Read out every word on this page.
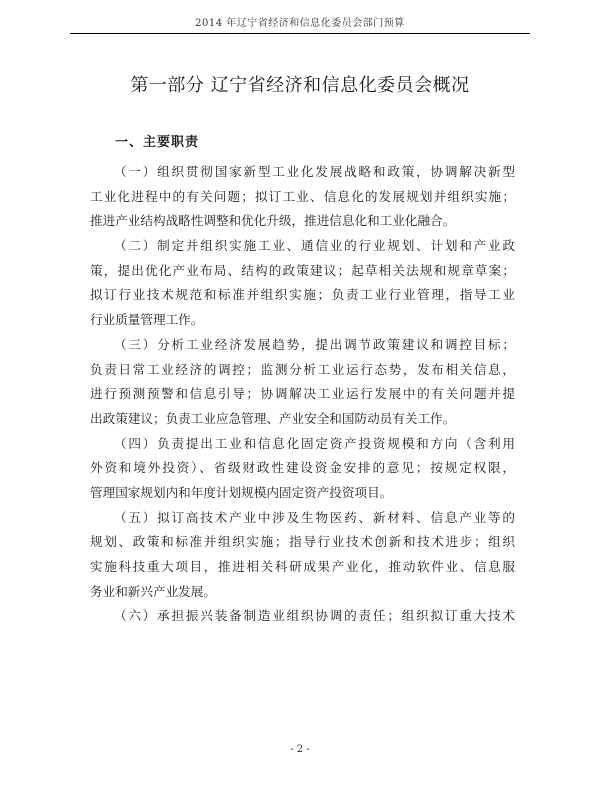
2014 年辽宁省经济和信息化委员会部门预算
第一部分 辽宁省经济和信息化委员会概况
一、主要职责
（一）组织贯彻国家新型工业化发展战略和政策，协调解决新型
工业化进程中的有关问题；拟订工业、信息化的发展规划并组织实施；
推进产业结构战略性调整和优化升级，推进信息化和工业化融合。
（二）制定并组织实施工业、通信业的行业规划、计划和产业政
策，提出优化产业布局、结构的政策建议；起草相关法规和规章草案；
拟订行业技术规范和标准并组织实施；负责工业行业管理，指导工业
行业质量管理工作。
（三）分析工业经济发展趋势，提出调节政策建议和调控目标；
负责日常工业经济的调控；监测分析工业运行态势，发布相关信息，
进行预测预警和信息引导；协调解决工业运行发展中的有关问题并提
出政策建议；负责工业应急管理、产业安全和国防动员有关工作。
（四）负责提出工业和信息化固定资产投资规模和方向（含利用
外资和境外投资）、省级财政性建设资金安排的意见；按规定权限，
管理国家规划内和年度计划规模内固定资产投资项目。
（五）拟订高技术产业中涉及生物医药、新材料、信息产业等的
规划、政策和标准并组织实施；指导行业技术创新和技术进步；组织
实施科技重大项目，推进相关科研成果产业化，推动软件业、信息服
务业和新兴产业发展。
（六）承担振兴装备制造业组织协调的责任；组织拟订重大技术
- 2 -
